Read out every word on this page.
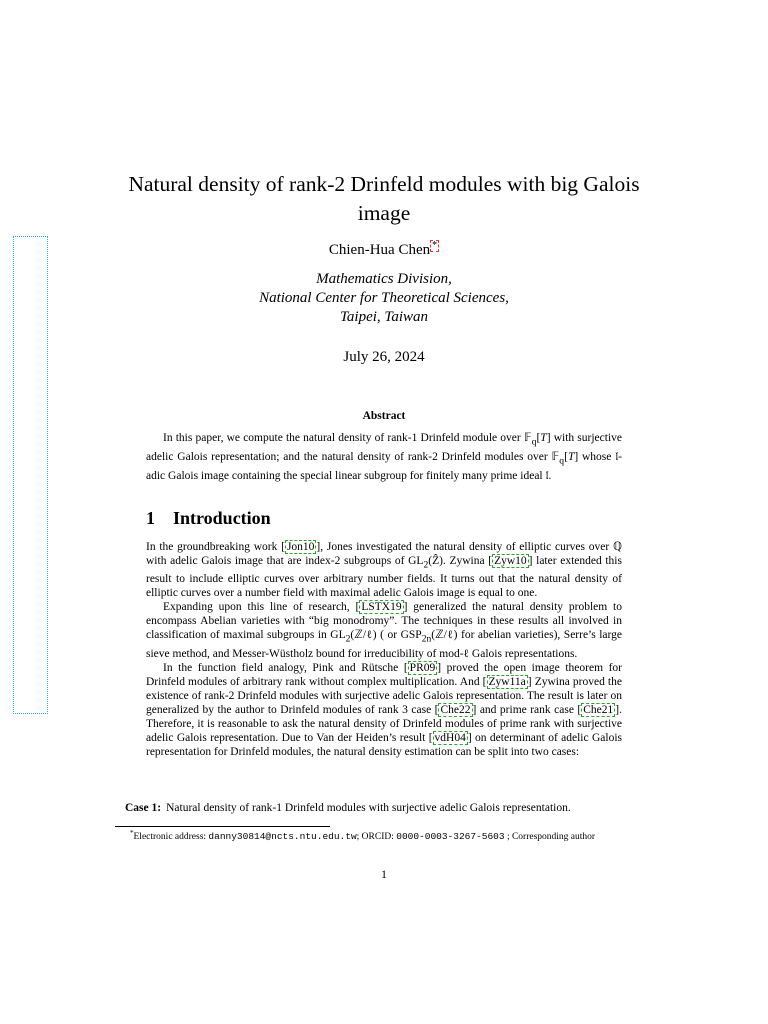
Natural density of rank-2 Drinfeld modules with big Galois image
Chien-Hua Chen *
Mathematics Division,
National Center for Theoretical Sciences,
Taipei, Taiwan
July 26, 2024
Abstract
In this paper, we compute the natural density of rank-1 Drinfeld module over 𝔽$_q$[T] with surjective adelic Galois representation; and the natural density of rank-2 Drinfeld modules over 𝔽$_q$[T] whose 𝔩-adic Galois image containing the special linear subgroup for finitely many prime ideal 𝔩.
1 Introduction

In the groundbreaking work [ Jon10 ], Jones investigated the natural density of elliptic curves over ℚ with adelic Galois image that are index-2 subgroups of $GL_2(Ẑ)$. Zywina [ Zyw10 ] later extended this result to include elliptic curves over arbitrary number fields. It turns out that the natural density of elliptic curves over a number field with maximal adelic Galois image is equal to one.

Expanding upon this line of research, [ LSTX19 ] generalized the natural density problem to encompass Abelian varieties with “big monodromy”. The techniques in these results all involved in classification of maximal subgroups in $GL_2(ℤ/\ell)$ ( or $GSP_{2n}(ℤ/\ell)$ for abelian varieties), Serre’s large sieve method, and Messer-Wüstholz bound for irreducibility of mod-ℓ Galois representations.

In the function field analogy, Pink and Rütsche [ PR09 ] proved the open image theorem for Drinfeld modules of arbitrary rank without complex multiplication. And [ Zyw11a ] Zywina proved the existence of rank-2 Drinfeld modules with surjective adelic Galois representation. The result is later on generalized by the author to Drinfeld modules of rank 3 case [ Che22 ] and prime rank case [ Che21 ]. Therefore, it is reasonable to ask the natural density of Drinfeld modules of prime rank with surjective adelic Galois representation. Due to Van der Heiden’s result [ vdH04 ] on determinant of adelic Galois representation for Drinfeld modules, the natural density estimation can be split into two cases:

Case 1: Natural density of rank-1 Drinfeld modules with surjective adelic Galois representation.
*Electronic address: danny30814@ncts.ntu.edu.tw; ORCID: 0000-0003-3267-5603 ; Corresponding author
1
